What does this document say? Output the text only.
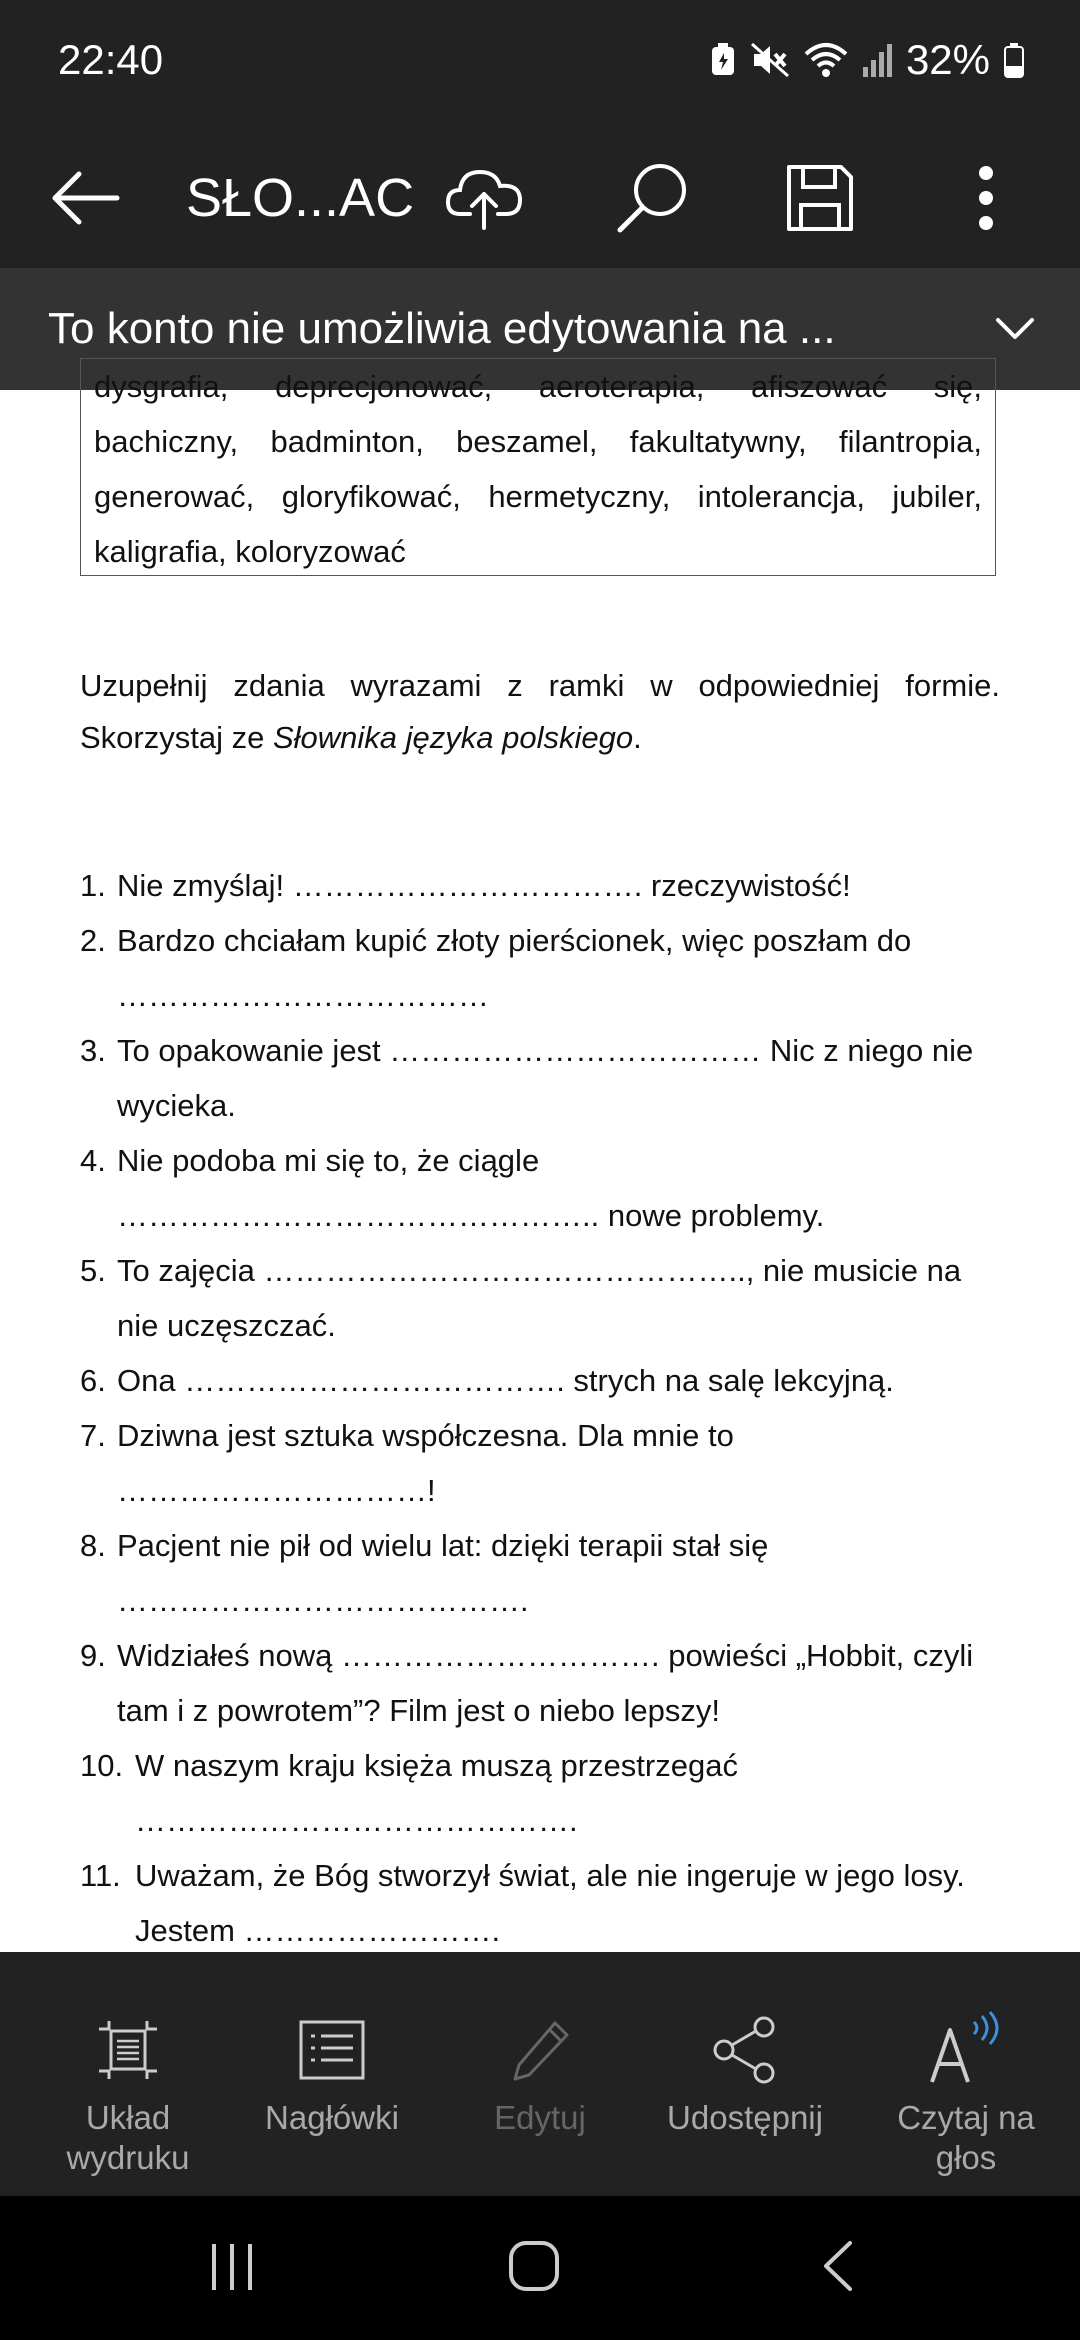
22:40	32%
SŁO...AC
To konto nie umożliwia edytowania na ...
dysgrafia, deprecjonować, aeroterapia, afiszować się, bachiczny, badminton, beszamel, fakultatywny, filantropia, generować, gloryfikować, hermetyczny, intolerancja, jubiler, kaligrafia, koloryzować
Uzupełnij zdania wyrazami z ramki w odpowiedniej formie. Skorzystaj ze Słownika języka polskiego.
1. Nie zmyślaj! ……………………………. rzeczywistość!
2. Bardzo chciałam kupić złoty pierścionek, więc poszłam do ………………………………
3. To opakowanie jest ……………………………… Nic z niego nie wycieka.
4. Nie podoba mi się to, że ciągle ……………………………………….. nowe problemy.
5. To zajęcia ……………………………………….., nie musicie na nie uczęszczać.
6. Ona ………………………………. strych na salę lekcyjną.
7. Dziwna jest sztuka współczesna. Dla mnie to …………………………!
8. Pacjent nie pił od wielu lat: dzięki terapii stał się ………………………………….
9. Widziałeś nową …………………………. powieści „Hobbit, czyli tam i z powrotem”? Film jest o niebo lepszy!
10. W naszym kraju księża muszą przestrzegać …………………………………….
11. Uważam, że Bóg stworzył świat, ale nie ingeruje w jego losy. Jestem …………………….
Układ wydruku
Nagłówki	Edytuj Udostępnij	Czytaj na głos
